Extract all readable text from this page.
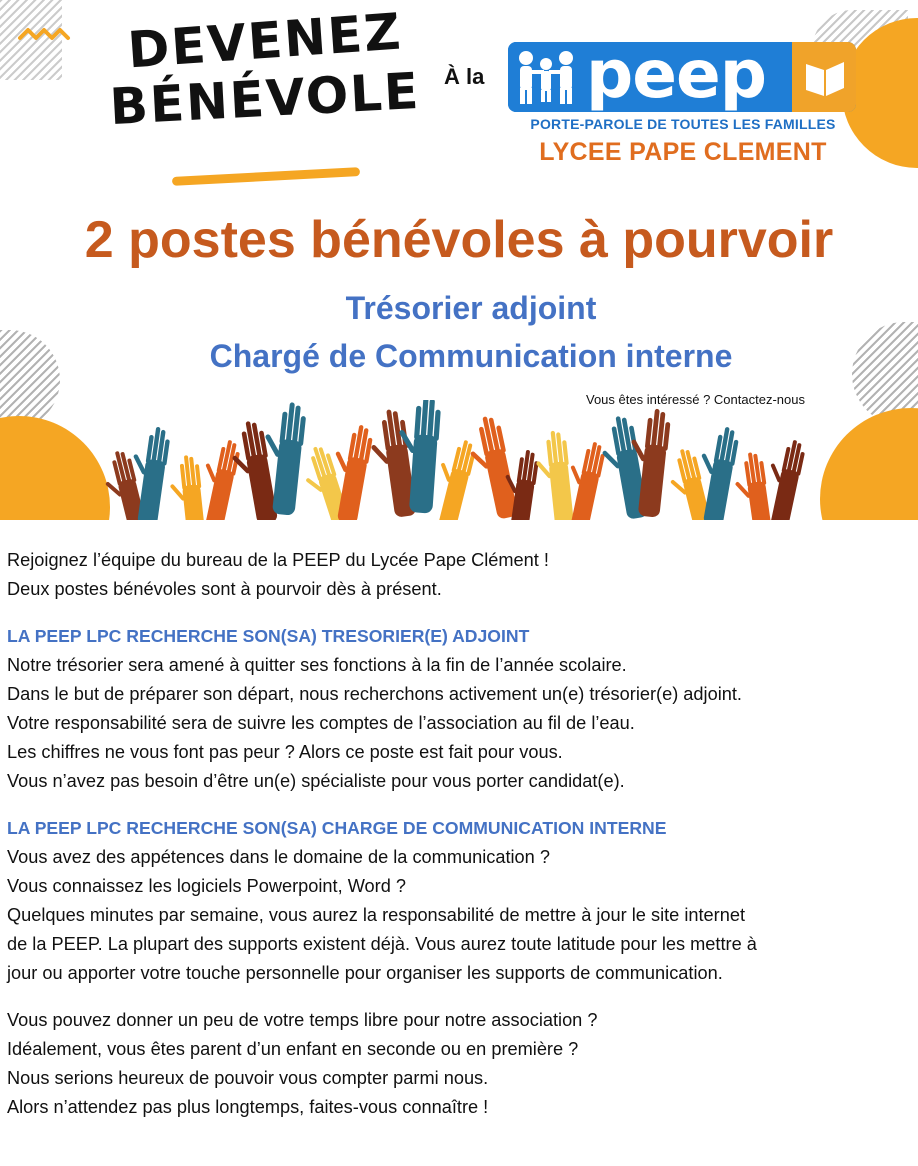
DEVENEZ
BÉNÉVOLE	À la peep
PORTE-PAROLE DE TOUTES LES FAMILLES
LYCEE PAPE CLEMENT
2 postes bénévoles à pourvoir
Trésorier adjoint
Chargé de Communication interne
Vous êtes intéressé ? Contactez-nous

Rejoignez l’équipe du bureau de la PEEP du Lycée Pape Clément !

Deux postes bénévoles sont à pourvoir dès à présent.

LA PEEP LPC RECHERCHE SON(SA) TRESORIER(E) ADJOINT

Notre trésorier sera amené à quitter ses fonctions à la fin de l’année scolaire.

Dans le but de préparer son départ, nous recherchons activement un(e) trésorier(e) adjoint.

Votre responsabilité sera de suivre les comptes de l’association au fil de l’eau.

Les chiffres ne vous font pas peur ? Alors ce poste est fait pour vous.

Vous n’avez pas besoin d’être un(e) spécialiste pour vous porter candidat(e).

LA PEEP LPC RECHERCHE SON(SA) CHARGE DE COMMUNICATION INTERNE

Vous avez des appétences dans le domaine de la communication ?

Vous connaissez les logiciels Powerpoint, Word ?

Quelques minutes par semaine, vous aurez la responsabilité de mettre à jour le site internet

de la PEEP. La plupart des supports existent déjà. Vous aurez toute latitude pour les mettre à

jour ou apporter votre touche personnelle pour organiser les supports de communication.

Vous pouvez donner un peu de votre temps libre pour notre association ?

Idéalement, vous êtes parent d’un enfant en seconde ou en première ?

Nous serions heureux de pouvoir vous compter parmi nous.

Alors n’attendez pas plus longtemps, faites-vous connaître !
